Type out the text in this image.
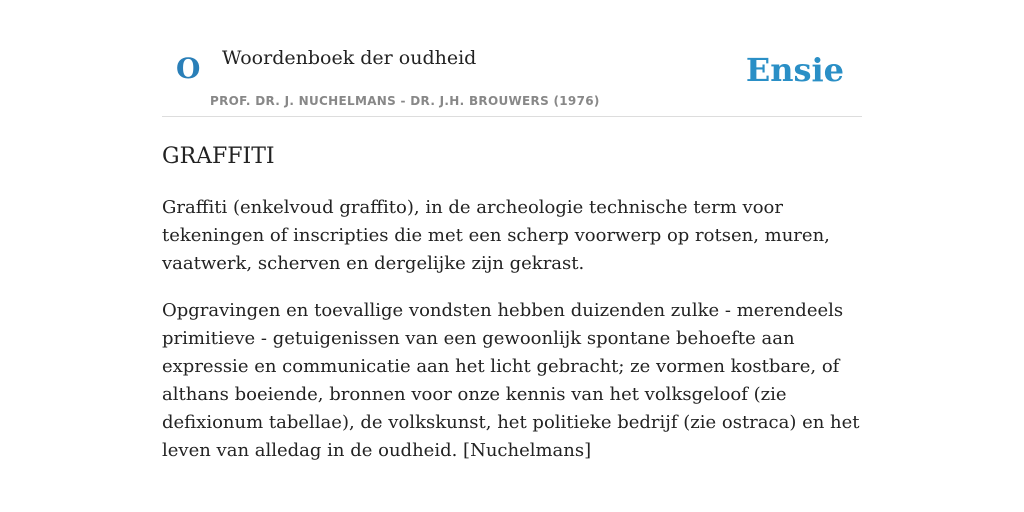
O Woordenboek der oudheid
PROF. DR. J. NUCHELMANS - DR. J.H. BROUWERS (1976)
Ensie
GRAFFITI

Graffiti (enkelvoud graffito), in de archeologie technische term voor tekeningen of inscripties die met een scherp voorwerp op rotsen, muren, vaatwerk, scherven en dergelijke zijn gekrast.

Opgravingen en toevallige vondsten hebben duizenden zulke - merendeels primitieve - getuigenissen van een gewoonlijk spontane behoefte aan expressie en communicatie aan het licht gebracht; ze vormen kostbare, of althans boeiende, bronnen voor onze kennis van het volksgeloof (zie defixionum tabellae), de volkskunst, het politieke bedrijf (zie ostraca) en het leven van alledag in de oudheid. [Nuchelmans]
